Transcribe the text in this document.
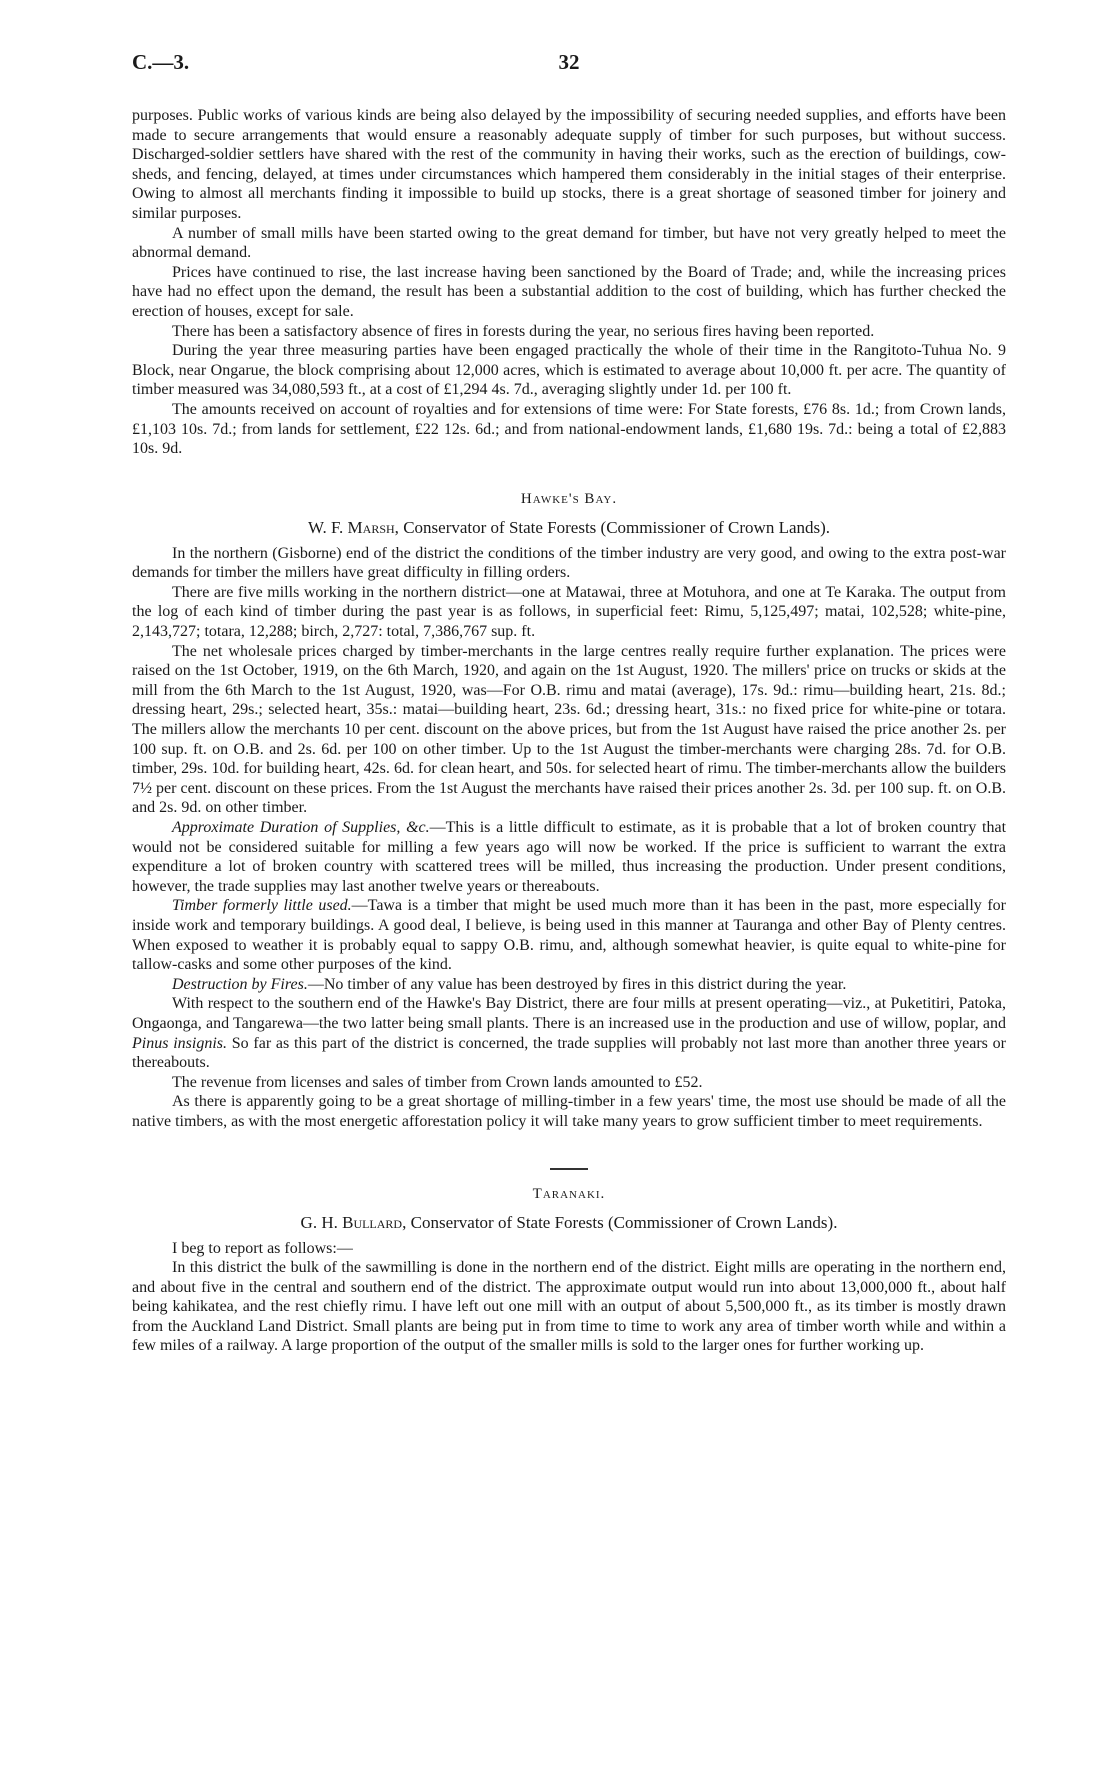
C.—3.	32

purposes. Public works of various kinds are being also delayed by the impossibility of securing needed supplies, and efforts have been made to secure arrangements that would ensure a reasonably adequate supply of timber for such purposes, but without success. Discharged-soldier settlers have shared with the rest of the community in having their works, such as the erection of buildings, cow-sheds, and fencing, delayed, at times under circumstances which hampered them considerably in the initial stages of their enterprise. Owing to almost all merchants finding it impossible to build up stocks, there is a great shortage of seasoned timber for joinery and similar purposes.

A number of small mills have been started owing to the great demand for timber, but have not very greatly helped to meet the abnormal demand.

Prices have continued to rise, the last increase having been sanctioned by the Board of Trade; and, while the increasing prices have had no effect upon the demand, the result has been a substantial addition to the cost of building, which has further checked the erection of houses, except for sale.

There has been a satisfactory absence of fires in forests during the year, no serious fires having been reported.

During the year three measuring parties have been engaged practically the whole of their time in the Rangitoto-Tuhua No. 9 Block, near Ongarue, the block comprising about 12,000 acres, which is estimated to average about 10,000 ft. per acre. The quantity of timber measured was 34,080,593 ft., at a cost of £1,294 4s. 7d., averaging slightly under 1d. per 100 ft.

The amounts received on account of royalties and for extensions of time were: For State forests, £76 8s. 1d.; from Crown lands, £1,103 10s. 7d.; from lands for settlement, £22 12s. 6d.; and from national-endowment lands, £1,680 19s. 7d.: being a total of £2,883 10s. 9d.

Hawke's Bay.
W. F. Marsh, Conservator of State Forests (Commissioner of Crown Lands).

In the northern (Gisborne) end of the district the conditions of the timber industry are very good, and owing to the extra post-war demands for timber the millers have great difficulty in filling orders.

There are five mills working in the northern district—one at Matawai, three at Motuhora, and one at Te Karaka. The output from the log of each kind of timber during the past year is as follows, in superficial feet: Rimu, 5,125,497; matai, 102,528; white-pine, 2,143,727; totara, 12,288; birch, 2,727: total, 7,386,767 sup. ft.

The net wholesale prices charged by timber-merchants in the large centres really require further explanation. The prices were raised on the 1st October, 1919, on the 6th March, 1920, and again on the 1st August, 1920. The millers' price on trucks or skids at the mill from the 6th March to the 1st August, 1920, was—For O.B. rimu and matai (average), 17s. 9d.: rimu—building heart, 21s. 8d.; dressing heart, 29s.; selected heart, 35s.: matai—building heart, 23s. 6d.; dressing heart, 31s.: no fixed price for white-pine or totara. The millers allow the merchants 10 per cent. discount on the above prices, but from the 1st August have raised the price another 2s. per 100 sup. ft. on O.B. and 2s. 6d. per 100 on other timber. Up to the 1st August the timber-merchants were charging 28s. 7d. for O.B. timber, 29s. 10d. for building heart, 42s. 6d. for clean heart, and 50s. for selected heart of rimu. The timber-merchants allow the builders 7½ per cent. discount on these prices. From the 1st August the merchants have raised their prices another 2s. 3d. per 100 sup. ft. on O.B. and 2s. 9d. on other timber.

Approximate Duration of Supplies, &c.—This is a little difficult to estimate, as it is probable that a lot of broken country that would not be considered suitable for milling a few years ago will now be worked. If the price is sufficient to warrant the extra expenditure a lot of broken country with scattered trees will be milled, thus increasing the production. Under present conditions, however, the trade supplies may last another twelve years or thereabouts.

Timber formerly little used.—Tawa is a timber that might be used much more than it has been in the past, more especially for inside work and temporary buildings. A good deal, I believe, is being used in this manner at Tauranga and other Bay of Plenty centres. When exposed to weather it is probably equal to sappy O.B. rimu, and, although somewhat heavier, is quite equal to white-pine for tallow-casks and some other purposes of the kind.

Destruction by Fires.—No timber of any value has been destroyed by fires in this district during the year.

With respect to the southern end of the Hawke's Bay District, there are four mills at present operating—viz., at Puketitiri, Patoka, Ongaonga, and Tangarewa—the two latter being small plants. There is an increased use in the production and use of willow, poplar, and Pinus insignis. So far as this part of the district is concerned, the trade supplies will probably not last more than another three years or thereabouts.

The revenue from licenses and sales of timber from Crown lands amounted to £52.

As there is apparently going to be a great shortage of milling-timber in a few years' time, the most use should be made of all the native timbers, as with the most energetic afforestation policy it will take many years to grow sufficient timber to meet requirements.

Taranaki.
G. H. Bullard, Conservator of State Forests (Commissioner of Crown Lands).

I beg to report as follows:—

In this district the bulk of the sawmilling is done in the northern end of the district. Eight mills are operating in the northern end, and about five in the central and southern end of the district. The approximate output would run into about 13,000,000 ft., about half being kahikatea, and the rest chiefly rimu. I have left out one mill with an output of about 5,500,000 ft., as its timber is mostly drawn from the Auckland Land District. Small plants are being put in from time to time to work any area of timber worth while and within a few miles of a railway. A large proportion of the output of the smaller mills is sold to the larger ones for further working up.
